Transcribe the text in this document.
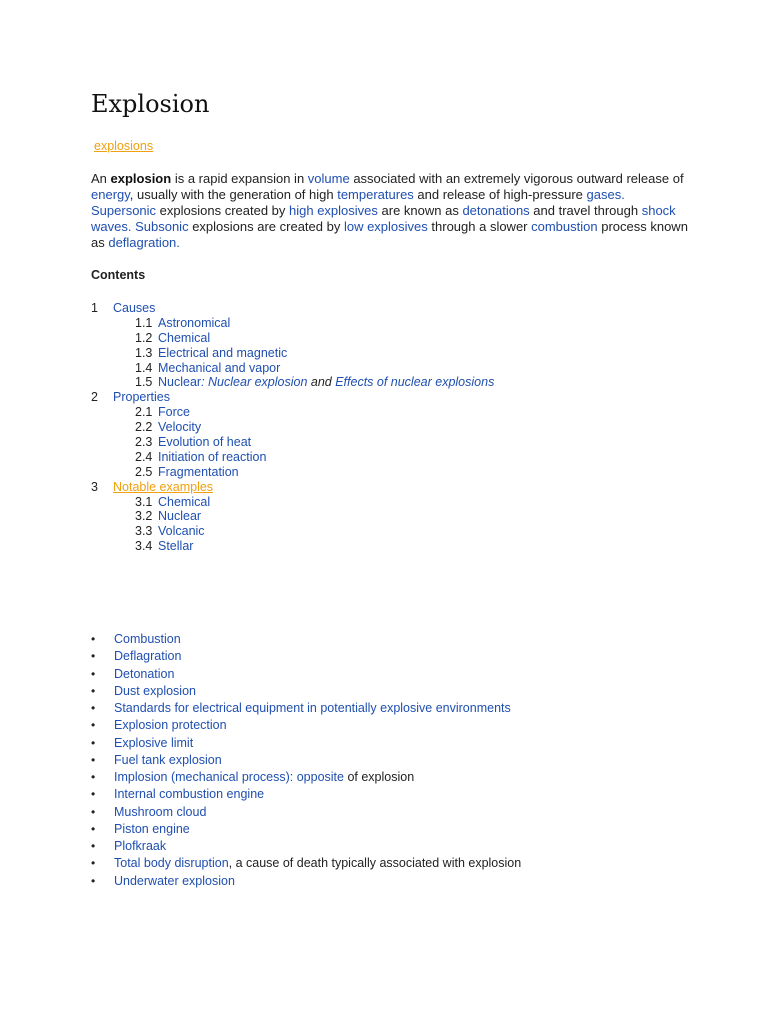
Explosion
explosions

An explosion is a rapid expansion in volume associated with an extremely vigorous outward release of energy, usually with the generation of high temperatures and release of high-pressure gases. Supersonic explosions created by high explosives are known as detonations and travel through shock waves. Subsonic explosions are created by low explosives through a slower combustion process known as deflagration.

Contents

1 Causes
1.1 Astronomical
1.2 Chemical
1.3 Electrical and magnetic
1.4 Mechanical and vapor
1.5 Nuclear: Nuclear explosion and Effects of nuclear explosions
2 Properties
2.1 Force
2.2 Velocity
2.3 Evolution of heat
2.4 Initiation of reaction
2.5 Fragmentation
3 Notable examples
3.1 Chemical
3.2 Nuclear
3.3 Volcanic
3.4 Stellar
• Combustion
• Deflagration
• Detonation
• Dust explosion
• Standards for electrical equipment in potentially explosive environments
• Explosion protection
• Explosive limit
• Fuel tank explosion
• Implosion (mechanical process): opposite of explosion
• Internal combustion engine
• Mushroom cloud
• Piston engine
• Plofkraak
• Total body disruption, a cause of death typically associated with explosion
• Underwater explosion
